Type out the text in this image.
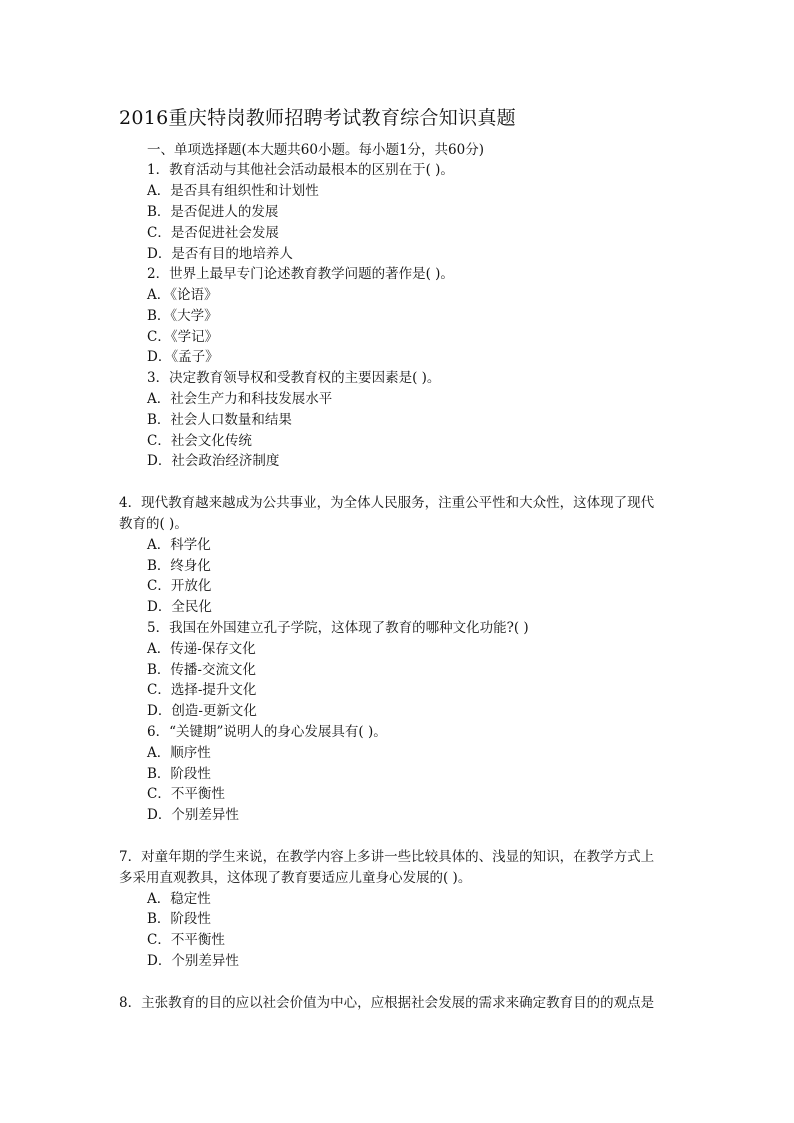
2016重庆特岗教师招聘考试教育综合知识真题
一、单项选择题(本大题共60小题。每小题1分，共60分)
1．教育活动与其他社会活动最根本的区别在于( )。
A．是否具有组织性和计划性
B．是否促进人的发展
C．是否促进社会发展
D．是否有目的地培养人
2．世界上最早专门论述教育教学问题的著作是( )。
A．《论语》
B．《大学》
C．《学记》
D．《孟子》
3．决定教育领导权和受教育权的主要因素是( )。
A．社会生产力和科技发展水平
B．社会人口数量和结果
C．社会文化传统
D．社会政治经济制度
4．现代教育越来越成为公共事业，为全体人民服务，注重公平性和大众性，这体现了现代
教育的( )。
A．科学化
B．终身化
C．开放化
D．全民化
5．我国在外国建立孔子学院，这体现了教育的哪种文化功能?( )
A．传递-保存文化
B．传播-交流文化
C．选择-提升文化
D．创造-更新文化
6．“关键期”说明人的身心发展具有( )。
A．顺序性
B．阶段性
C．不平衡性
D．个别差异性
7．对童年期的学生来说，在教学内容上多讲一些比较具体的、浅显的知识，在教学方式上
多采用直观教具，这体现了教育要适应儿童身心发展的( )。
A．稳定性
B．阶段性
C．不平衡性
D．个别差异性
8．主张教育的目的应以社会价值为中心，应根据社会发展的需求来确定教育目的的观点是
